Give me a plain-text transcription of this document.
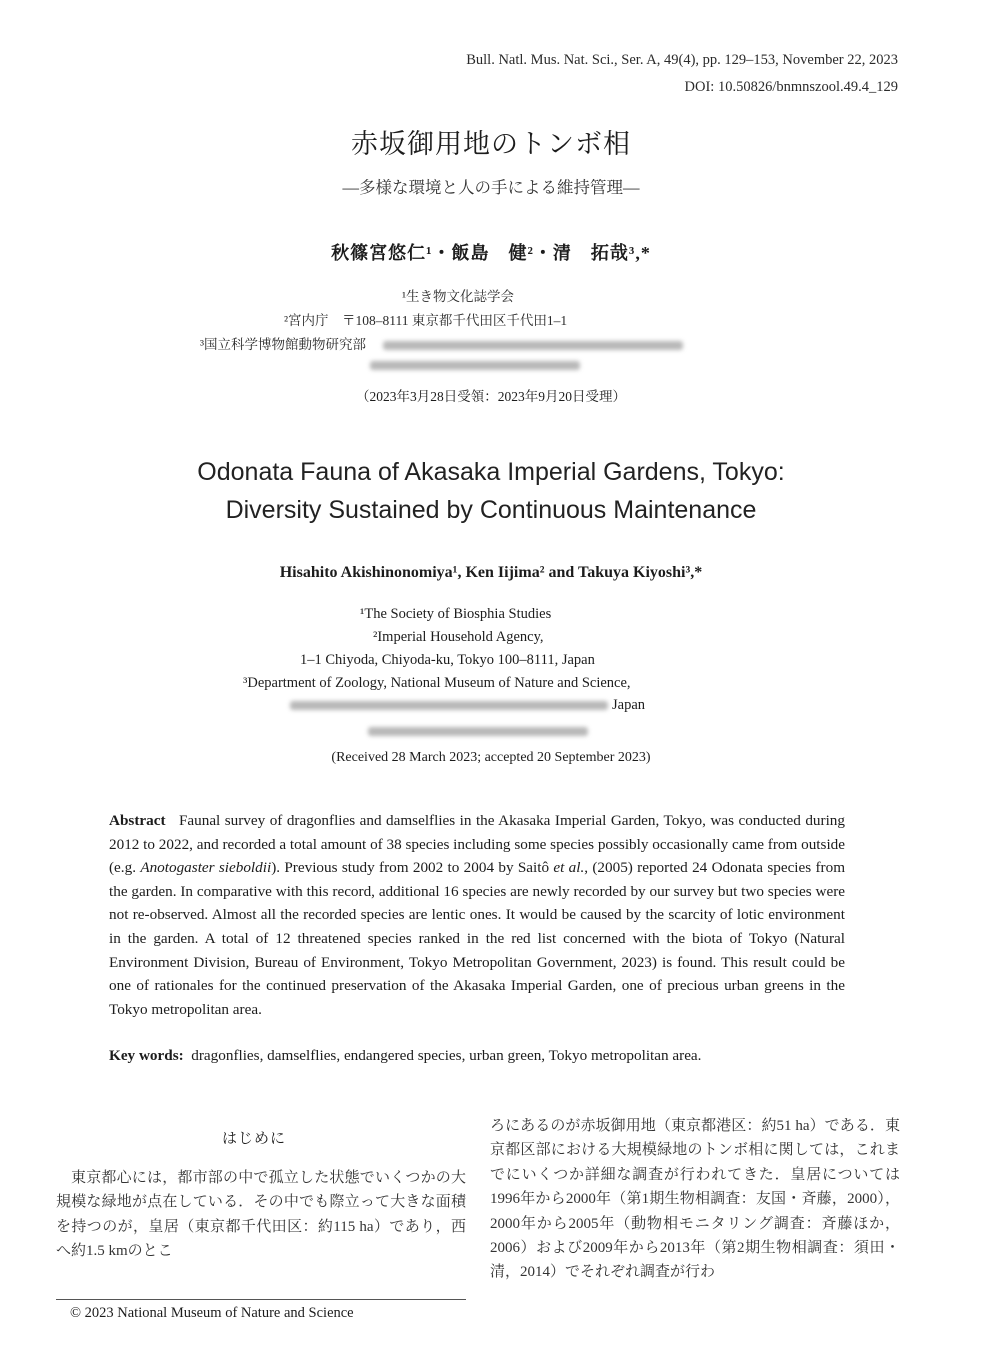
Bull. Natl. Mus. Nat. Sci., Ser. A, 49(4), pp. 129–153, November 22, 2023
DOI: 10.50826/bnmnszool.49.4_129
赤坂御用地のトンボ相
—多様な環境と人の手による維持管理—
秋篠宮悠仁¹・飯島　健²・清　拓哉³,*
¹生き物文化誌学会
²宮内庁　〒108–8111 東京都千代田区千代田1–1
³国立科学博物館動物研究部
（2023年3月28日受領：2023年9月20日受理）
Odonata Fauna of Akasaka Imperial Gardens, Tokyo:
Diversity Sustained by Continuous Maintenance
Hisahito Akishinonomiya¹, Ken Iijima² and Takuya Kiyoshi³,*
¹The Society of Biosphia Studies
²Imperial Household Agency,
1–1 Chiyoda, Chiyoda-ku, Tokyo 100–8111, Japan
³Department of Zoology, National Museum of Nature and Science,
Japan
(Received 28 March 2023; accepted 20 September 2023)
Abstract Faunal survey of dragonflies and damselflies in the Akasaka Imperial Garden, Tokyo, was conducted during 2012 to 2022, and recorded a total amount of 38 species including some species possibly occasionally came from outside (e.g. Anotogaster sieboldii). Previous study from 2002 to 2004 by Saitô et al., (2005) reported 24 Odonata species from the garden. In comparative with this record, additional 16 species are newly recorded by our survey but two species were not re-observed. Almost all the recorded species are lentic ones. It would be caused by the scarcity of lotic environment in the garden. A total of 12 threatened species ranked in the red list concerned with the biota of Tokyo (Natural Environment Division, Bureau of Environment, Tokyo Metropolitan Government, 2023) is found. This result could be one of rationales for the continued preservation of the Akasaka Imperial Garden, one of precious urban greens in the Tokyo metropolitan area.
Key words: dragonflies, damselflies, endangered species, urban green, Tokyo metropolitan area.
はじめに
東京都心には，都市部の中で孤立した状態でいくつかの大規模な緑地が点在している．その中でも際立って大きな面積を持つのが，皇居（東京都千代田区：約115 ha）であり，西へ約1.5 kmのとこ
ろにあるのが赤坂御用地（東京都港区：約51 ha）である．東京都区部における大規模緑地のトンボ相に関しては，これまでにいくつか詳細な調査が行われてきた．皇居については1996年から2000年（第1期生物相調査：友国・斉藤，2000），2000年から2005年（動物相モニタリング調査：斉藤ほか，2006）および2009年から2013年（第2期生物相調査：須田・清，2014）でそれぞれ調査が行わ
© 2023 National Museum of Nature and Science
